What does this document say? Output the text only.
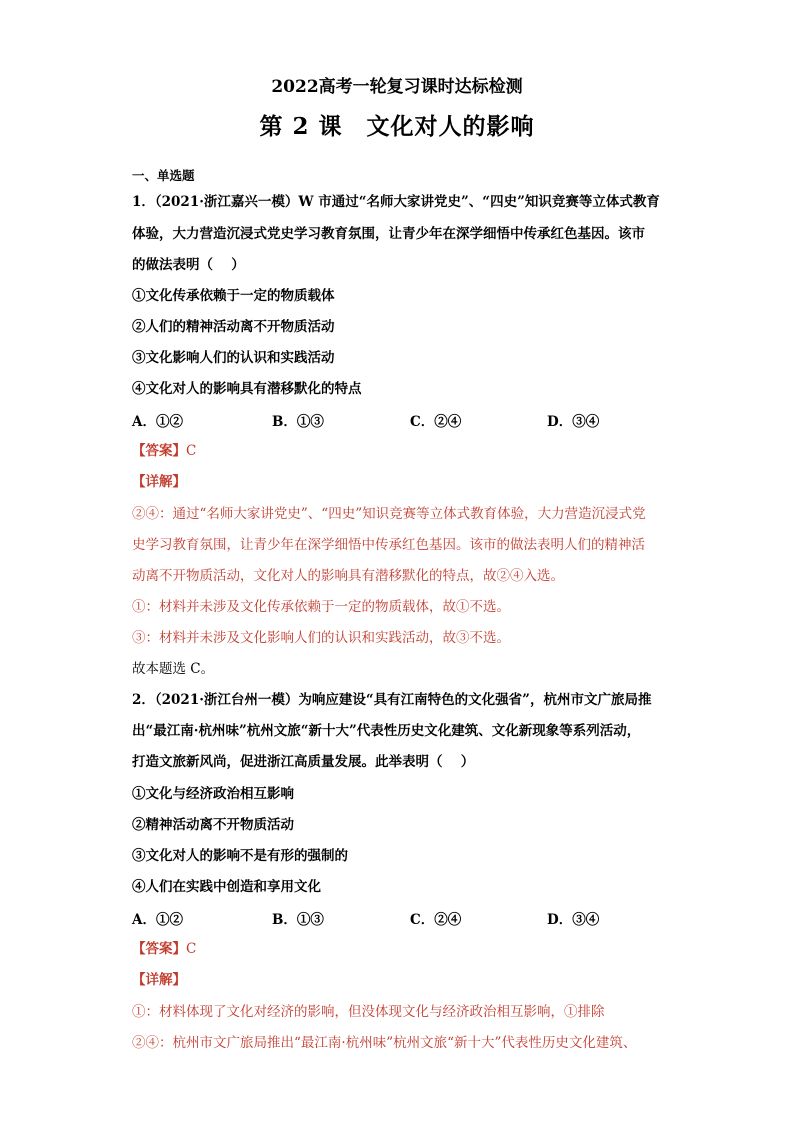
2022高考一轮复习课时达标检测
第 2 课　文化对人的影响
一、单选题
1．（2021·浙江嘉兴一模）W 市通过“名师大家讲党史”、“四史”知识竞赛等立体式教育
体验，大力营造沉浸式党史学习教育氛围，让青少年在深学细悟中传承红色基因。该市
的做法表明（　 ）
①文化传承依赖于一定的物质载体
②人们的精神活动离不开物质活动
③文化影响人们的认识和实践活动
④文化对人的影响具有潜移默化的特点
A．①②	B．①③	C．②④	D．③④
【答案】C
【详解】
②④：通过“名师大家讲党史”、“四史”知识竞赛等立体式教育体验，大力营造沉浸式党
史学习教育氛围，让青少年在深学细悟中传承红色基因。该市的做法表明人们的精神活
动离不开物质活动，文化对人的影响具有潜移默化的特点，故②④入选。
①：材料并未涉及文化传承依赖于一定的物质载体，故①不选。
③：材料并未涉及文化影响人们的认识和实践活动，故③不选。
故本题选 C。
2．（2021·浙江台州一模）为响应建设“具有江南特色的文化强省”，杭州市文广旅局推
出“最江南·杭州味”杭州文旅“新十大”代表性历史文化建筑、文化新现象等系列活动，
打造文旅新风尚，促进浙江高质量发展。此举表明（　 ）
①文化与经济政治相互影响
②精神活动离不开物质活动
③文化对人的影响不是有形的强制的
④人们在实践中创造和享用文化
A．①②	B．①③	C．②④	D．③④
【答案】C
【详解】
①：材料体现了文化对经济的影响，但没体现文化与经济政治相互影响，①排除
②④：杭州市文广旅局推出“最江南·杭州味”杭州文旅“新十大”代表性历史文化建筑、
